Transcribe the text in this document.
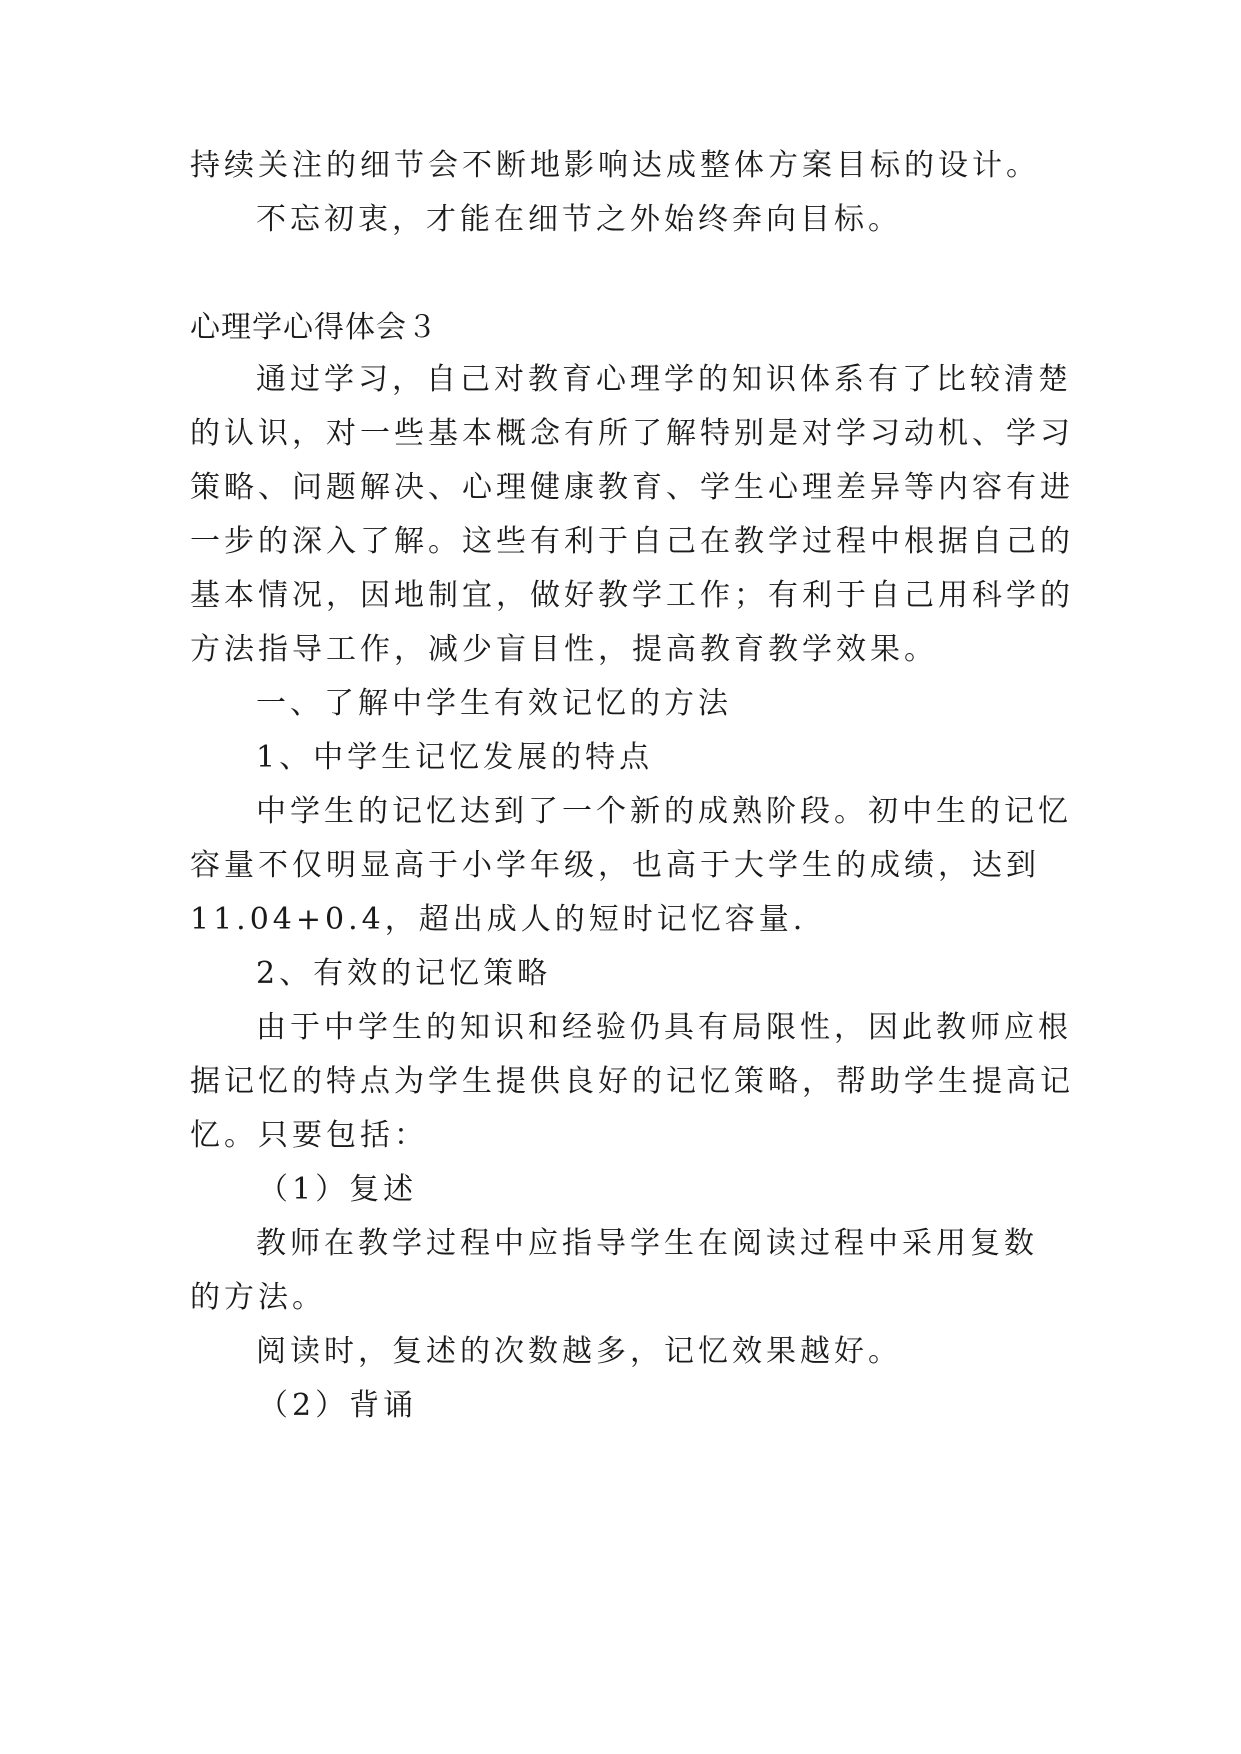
持续关注的细节会不断地影响达成整体方案目标的设计。
不忘初衷，才能在细节之外始终奔向目标。
心理学心得体会３
通过学习，自己对教育心理学的知识体系有了比较清楚
的认识，对一些基本概念有所了解特别是对学习动机、学习
策略、问题解决、心理健康教育、学生心理差异等内容有进
一步的深入了解。这些有利于自己在教学过程中根据自己的
基本情况，因地制宜，做好教学工作；有利于自己用科学的
方法指导工作，减少盲目性，提高教育教学效果。
一、了解中学生有效记忆的方法
1、中学生记忆发展的特点
中学生的记忆达到了一个新的成熟阶段。初中生的记忆
容量不仅明显高于小学年级，也高于大学生的成绩，达到
11.04+0.4，超出成人的短时记忆容量.
2、有效的记忆策略
由于中学生的知识和经验仍具有局限性，因此教师应根
据记忆的特点为学生提供良好的记忆策略，帮助学生提高记
忆。只要包括：
（1）复述
教师在教学过程中应指导学生在阅读过程中采用复数
的方法。
阅读时，复述的次数越多，记忆效果越好。
（2）背诵
